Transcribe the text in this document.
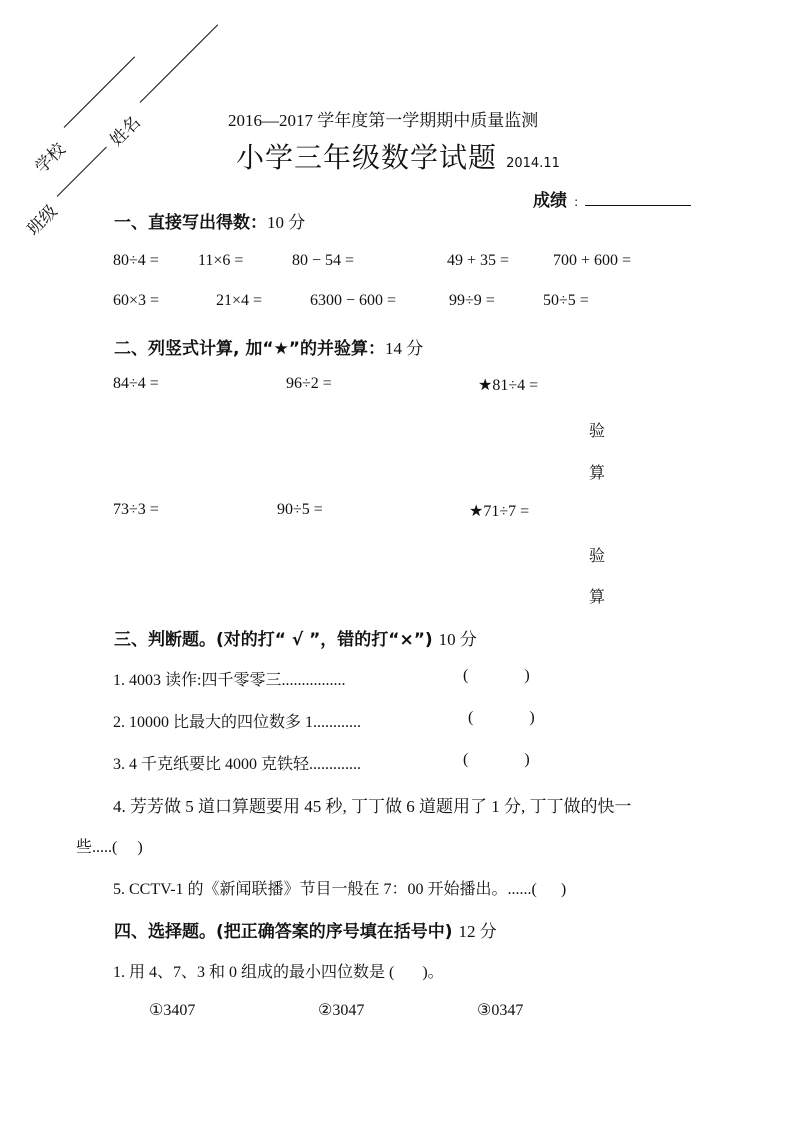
学校
姓名
班级
2016—2017 学年度第一学期期中质量监测
小学三年级数学试题 2014.11
成绩 :
一、直接写出得数：10 分
80÷4 = 11×6 =	80 − 54 =	49 + 35 =	700 + 600 =
60×3 =	21×4 =	6300 − 600 =	99÷9 =	50÷5 =
二、列竖式计算, 加“★”的并验算：14 分
84÷4 =	96÷2 =	★81÷4 =
验
算
73÷3 =	90÷5 =	★71÷7 =
验
算
三、判断题。(对的打“ √ ”，错的打“×”) 10 分
1. 4003 读作:四千零零三................	(              )
2. 10000 比最大的四位数多 1............	(              )
3. 4 千克纸要比 4000 克铁轻.............	(              )
4. 芳芳做 5 道口算题要用 45 秒, 丁丁做 6 道题用了 1 分, 丁丁做的快一
些.....(     )
5. CCTV-1 的《新闻联播》节目一般在 7：00 开始播出。......(      )
四、选择题。(把正确答案的序号填在括号中) 12 分
1. 用 4、7、3 和 0 组成的最小四位数是 (       )。
①3407	②3047	③0347
